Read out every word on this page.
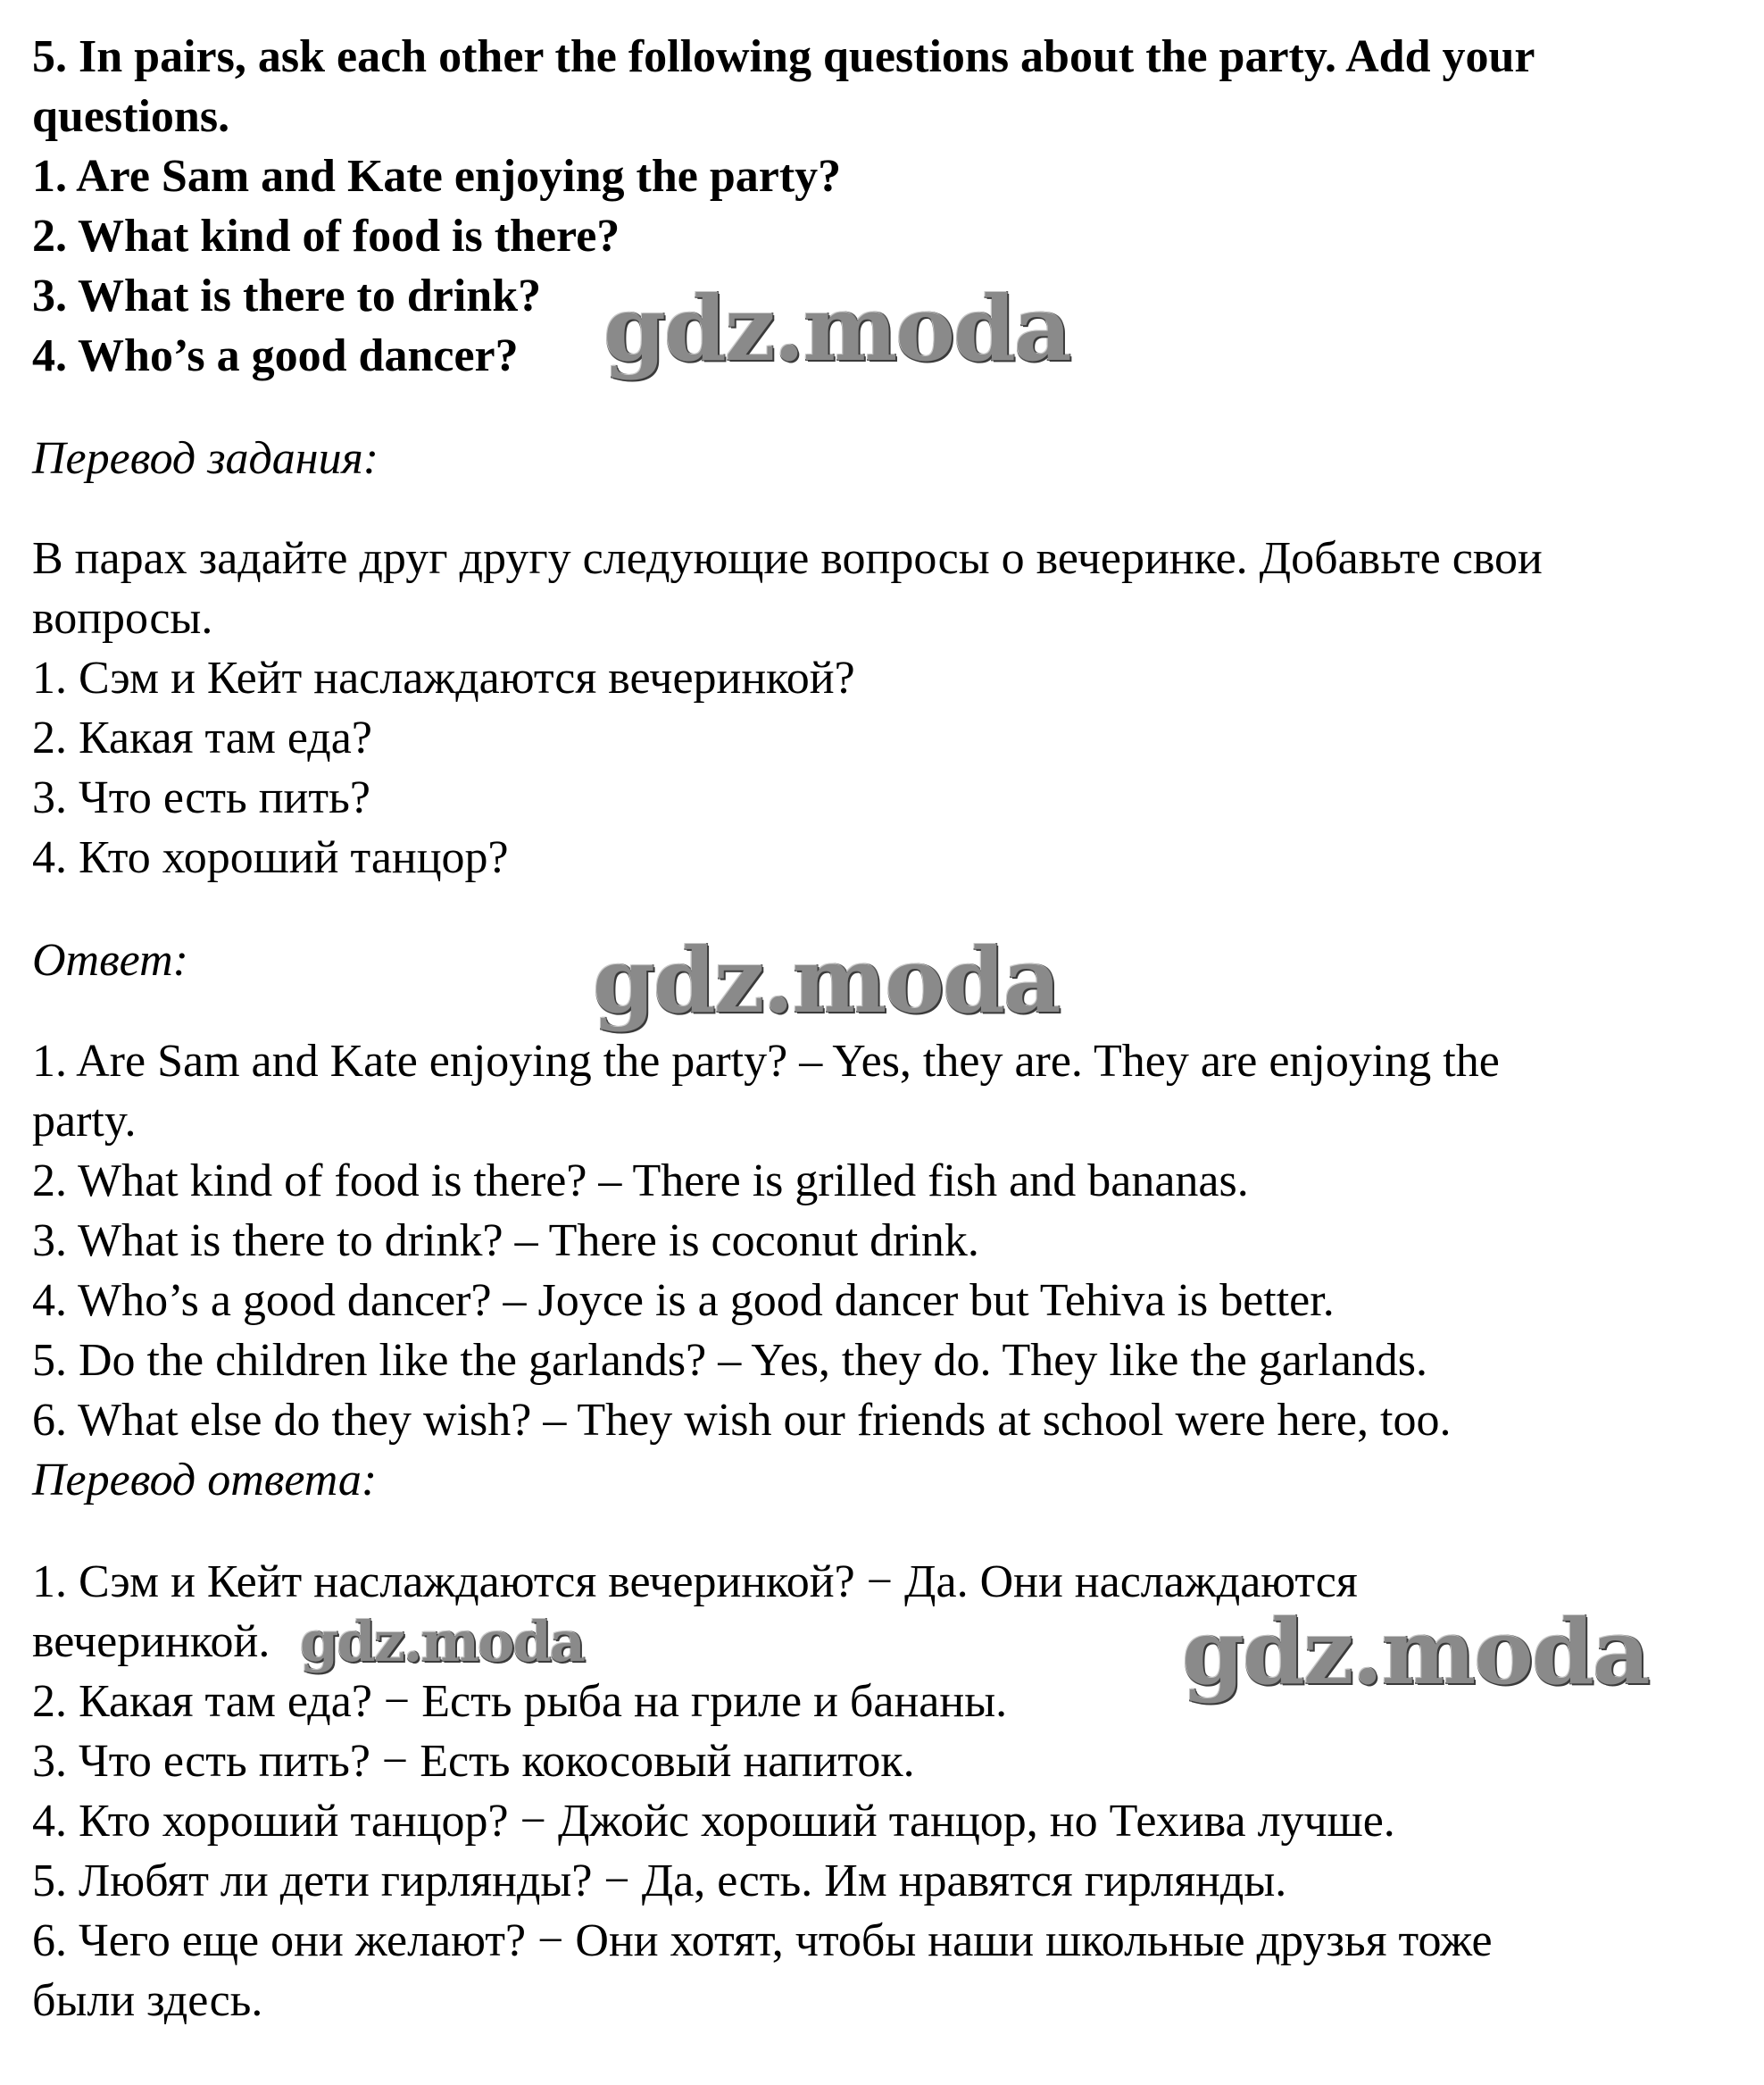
5. In pairs, ask each other the following questions about the party. Add your
questions.
1. Are Sam and Kate enjoying the party?
2. What kind of food is there?
3. What is there to drink?
4. Who’s a good dancer?
Перевод задания:
В парах задайте друг другу следующие вопросы о вечеринке. Добавьте свои
вопросы.
1. Сэм и Кейт наслаждаются вечеринкой?
2. Какая там еда?
3. Что есть пить?
4. Кто хороший танцор?
Ответ:
1. Are Sam and Kate enjoying the party? – Yes, they are. They are enjoying the
party.
2. What kind of food is there? – There is grilled fish and bananas.
3. What is there to drink? – There is coconut drink.
4. Who’s a good dancer? – Joyce is a good dancer but Tehiva is better.
5. Do the children like the garlands? – Yes, they do. They like the garlands.
6. What else do they wish? – They wish our friends at school were here, too.
Перевод ответа:
1. Сэм и Кейт наслаждаются вечеринкой? − Да. Они наслаждаются
вечеринкой.
2. Какая там еда? − Есть рыба на гриле и бананы.
3. Что есть пить? − Есть кокосовый напиток.
4. Кто хороший танцор? − Джойс хороший танцор, но Техива лучше.
5. Любят ли дети гирлянды? − Да, есть. Им нравятся гирлянды.
6. Чего еще они желают? − Они хотят, чтобы наши школьные друзья тоже
были здесь.
gdz.moda
gdz.moda
gdz.moda	gdz.moda
